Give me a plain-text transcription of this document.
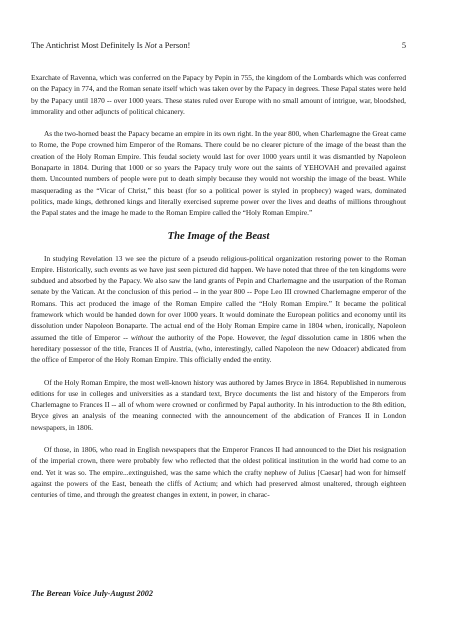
The Antichrist Most Definitely Is Not a Person!	5

Exarchate of Ravenna, which was conferred on the Papacy by Pepin in 755, the kingdom of the Lombards which was conferred on the Papacy in 774, and the Roman senate itself which was taken over by the Papacy in degrees. These Papal states were held by the Papacy until 1870 -- over 1000 years. These states ruled over Europe with no small amount of intrigue, war, bloodshed, immorality and other adjuncts of political chicanery.

As the two-horned beast the Papacy became an empire in its own right. In the year 800, when Charlemagne the Great came to Rome, the Pope crowned him Emperor of the Romans. There could be no clearer picture of the image of the beast than the creation of the Holy Roman Empire. This feudal society would last for over 1000 years until it was dismantled by Napoleon Bonaparte in 1804. During that 1000 or so years the Papacy truly wore out the saints of YEHOVAH and prevailed against them. Uncounted numbers of people were put to death simply because they would not worship the image of the beast. While masquerading as the “Vicar of Christ,” this beast (for so a political power is styled in prophecy) waged wars, dominated politics, made kings, dethroned kings and literally exercised supreme power over the lives and deaths of millions throughout the Papal states and the image he made to the Roman Empire called the “Holy Roman Empire.”

The Image of the Beast

In studying Revelation 13 we see the picture of a pseudo religious-political organization restoring power to the Roman Empire. Historically, such events as we have just seen pictured did happen. We have noted that three of the ten kingdoms were subdued and absorbed by the Papacy. We also saw the land grants of Pepin and Charlemagne and the usurpation of the Roman senate by the Vatican. At the conclusion of this period -- in the year 800 -- Pope Leo III crowned Charlemagne emperor of the Romans. This act produced the image of the Roman Empire called the “Holy Roman Empire.” It became the political framework which would be handed down for over 1000 years. It would dominate the European politics and economy until its dissolution under Napoleon Bonaparte. The actual end of the Holy Roman Empire came in 1804 when, ironically, Napoleon assumed the title of Emperor -- without the authority of the Pope. However, the legal dissolution came in 1806 when the hereditary possessor of the title, Frances II of Austria, (who, interestingly, called Napoleon the new Odoacer) abdicated from the office of Emperor of the Holy Roman Empire. This officially ended the entity.

Of the Holy Roman Empire, the most well-known history was authored by James Bryce in 1864. Republished in numerous editions for use in colleges and universities as a standard text, Bryce documents the list and history of the Emperors from Charlemagne to Frances II -- all of whom were crowned or confirmed by Papal authority. In his introduction to the 8th edition, Bryce gives an analysis of the meaning connected with the announcement of the abdication of Frances II in London newspapers, in 1806.

Of those, in 1806, who read in English newspapers that the Emperor Frances II had announced to the Diet his resignation of the imperial crown, there were probably few who reflected that the oldest political institution in the world had come to an end. Yet it was so. The empire...extinguished, was the same which the crafty nephew of Julius [Caesar] had won for himself against the powers of the East, beneath the cliffs of Actium; and which had preserved almost unaltered, through eighteen centuries of time, and through the greatest changes in extent, in power, in charac-

The Berean Voice July-August 2002
